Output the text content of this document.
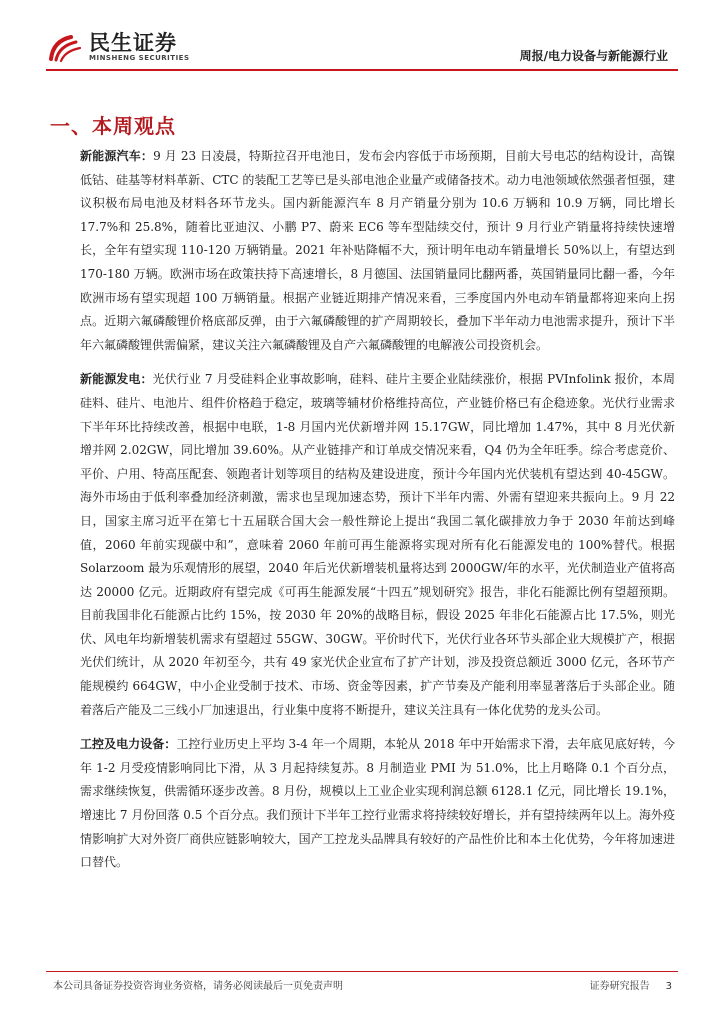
民生证券
MINSHENG SECURITIES	周报/电力设备与新能源行业
一、本周观点

新能源汽车：9 月 23 日凌晨，特斯拉召开电池日，发布会内容低于市场预期，目前大号电芯的结构设计，高镍低钴、硅基等材料革新、CTC 的装配工艺等已是头部电池企业量产或储备技术。动力电池领域依然强者恒强，建议积极布局电池及材料各环节龙头。国内新能源汽车 8 月产销量分别为 10.6 万辆和 10.9 万辆，同比增长 17.7%和 25.8%，随着比亚迪汉、小鹏 P7、蔚来 EC6 等车型陆续交付，预计 9 月行业产销量将持续快速增长，全年有望实现 110-120 万辆销量。2021 年补贴降幅不大，预计明年电动车销量增长 50%以上，有望达到 170-180 万辆。欧洲市场在政策扶持下高速增长，8 月德国、法国销量同比翻两番，英国销量同比翻一番，今年欧洲市场有望实现超 100 万辆销量。根据产业链近期排产情况来看，三季度国内外电动车销量都将迎来向上拐点。近期六氟磷酸锂价格底部反弹，由于六氟磷酸锂的扩产周期较长，叠加下半年动力电池需求提升，预计下半年六氟磷酸锂供需偏紧，建议关注六氟磷酸锂及自产六氟磷酸锂的电解液公司投资机会。

新能源发电：光伏行业 7 月受硅料企业事故影响，硅料、硅片主要企业陆续涨价，根据 PVInfolink 报价，本周硅料、硅片、电池片、组件价格趋于稳定，玻璃等辅材价格维持高位，产业链价格已有企稳迹象。光伏行业需求下半年环比持续改善，根据中电联，1-8 月国内光伏新增并网 15.17GW，同比增加 1.47%，其中 8 月光伏新增并网 2.02GW，同比增加 39.60%。从产业链排产和订单成交情况来看，Q4 仍为全年旺季。综合考虑竞价、平价、户用、特高压配套、领跑者计划等项目的结构及建设进度，预计今年国内光伏装机有望达到 40-45GW。海外市场由于低利率叠加经济刺激，需求也呈现加速态势，预计下半年内需、外需有望迎来共振向上。9 月 22 日，国家主席习近平在第七十五届联合国大会一般性辩论上提出“我国二氧化碳排放力争于 2030 年前达到峰值，2060 年前实现碳中和”，意味着 2060 年前可再生能源将实现对所有化石能源发电的 100%替代。根据 Solarzoom 最为乐观情形的展望，2040 年后光伏新增装机量将达到 2000GW/年的水平，光伏制造业产值将高达 20000 亿元。近期政府有望完成《可再生能源发展“十四五”规划研究》报告，非化石能源比例有望超预期。目前我国非化石能源占比约 15%，按 2030 年 20%的战略目标，假设 2025 年非化石能源占比 17.5%，则光伏、风电年均新增装机需求有望超过 55GW、30GW。平价时代下，光伏行业各环节头部企业大规模扩产，根据光伏们统计，从 2020 年初至今，共有 49 家光伏企业宣布了扩产计划，涉及投资总额近 3000 亿元，各环节产能规模约 664GW，中小企业受制于技术、市场、资金等因素，扩产节奏及产能利用率显著落后于头部企业。随着落后产能及二三线小厂加速退出，行业集中度将不断提升，建议关注具有一体化优势的龙头公司。

工控及电力设备：工控行业历史上平均 3-4 年一个周期，本轮从 2018 年中开始需求下滑，去年底见底好转，今年 1-2 月受疫情影响同比下滑，从 3 月起持续复苏。8 月制造业 PMI 为 51.0%，比上月略降 0.1 个百分点，需求继续恢复，供需循环逐步改善。8 月份，规模以上工业企业实现利润总额 6128.1 亿元，同比增长 19.1%，增速比 7 月份回落 0.5 个百分点。我们预计下半年工控行业需求将持续较好增长，并有望持续两年以上。海外疫情影响扩大对外资厂商供应链影响较大，国产工控龙头品牌具有较好的产品性价比和本土化优势，今年将加速进口替代。

本公司具备证券投资咨询业务资格，请务必阅读最后一页免责声明	证券研究报告 3
